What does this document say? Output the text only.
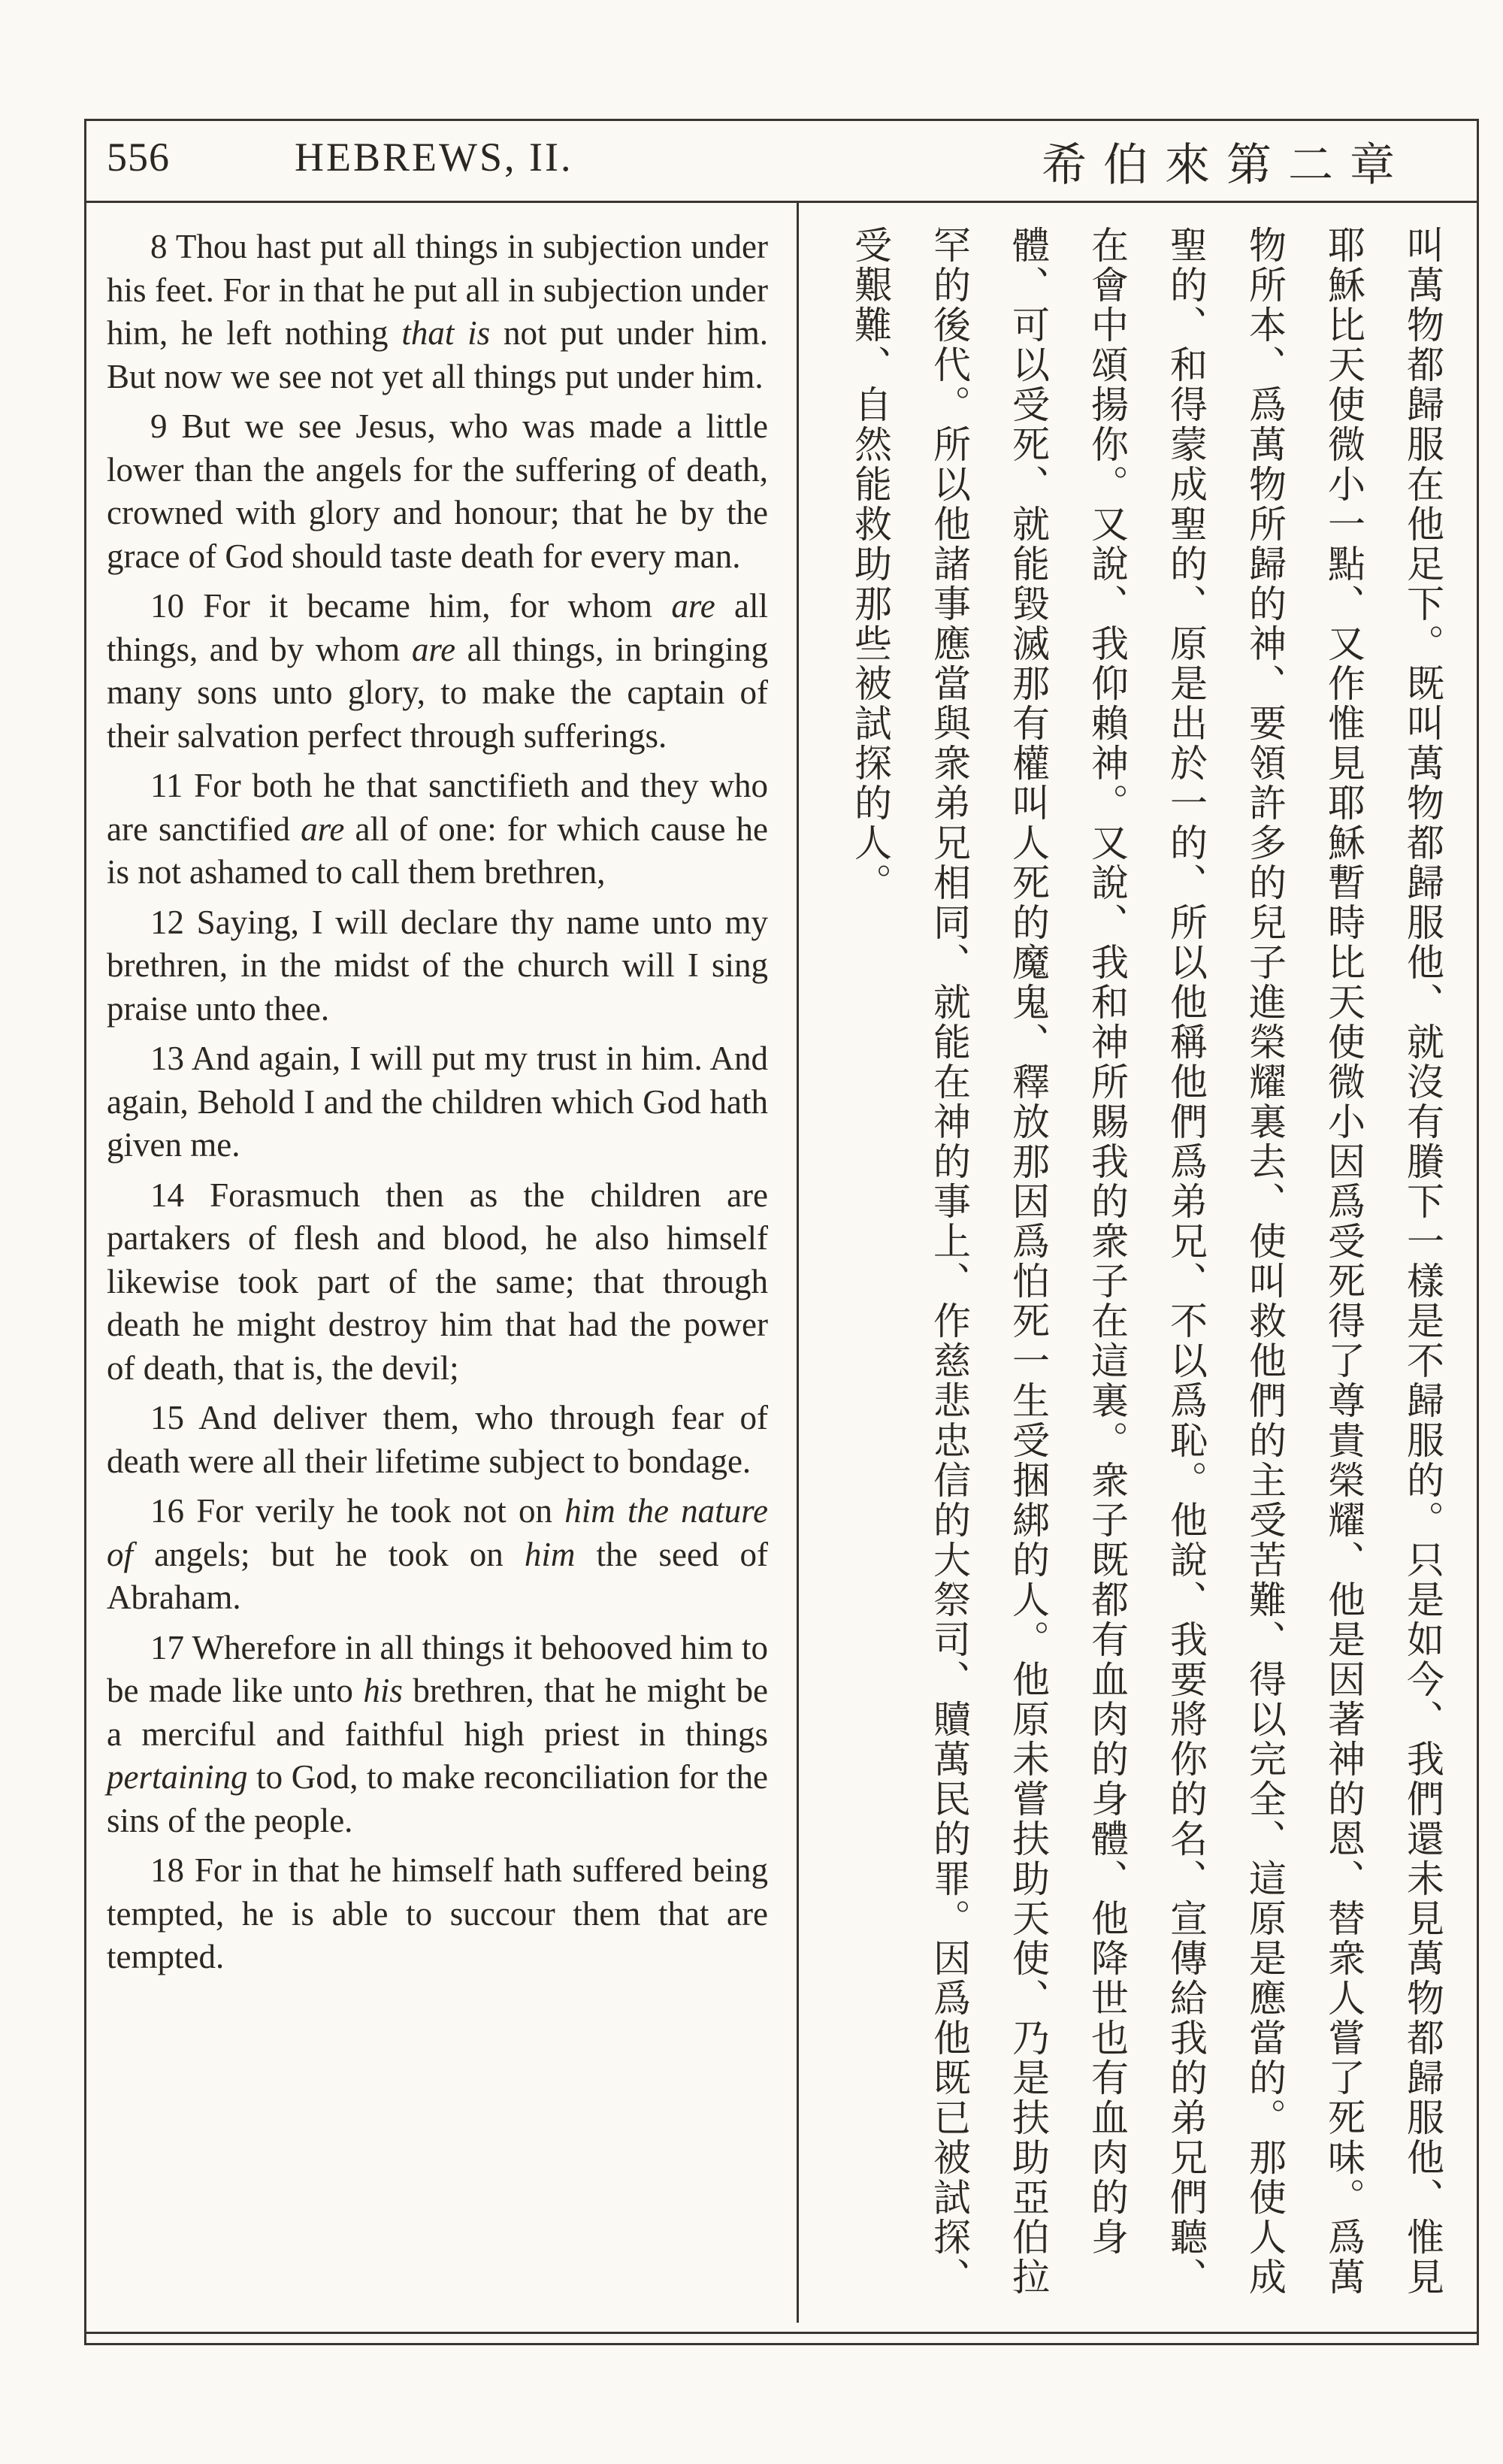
556	HEBREWS, II.	希伯來第二章

8 Thou hast put all things in subjection under his feet. For in that he put all in subjection under him, he left nothing that is not put under him. But now we see not yet all things put under him.

9 But we see Jesus, who was made a little lower than the angels for the suffering of death, crowned with glory and honour; that he by the grace of God should taste death for every man.

10 For it became him, for whom are all things, and by whom are all things, in bringing many sons unto glory, to make the captain of their salvation perfect through sufferings.

11 For both he that sanctifieth and they who are sanctified are all of one: for which cause he is not ashamed to call them brethren,

12 Saying, I will declare thy name unto my brethren, in the midst of the church will I sing praise unto thee.

13 And again, I will put my trust in him. And again, Behold I and the children which God hath given me.

14 Forasmuch then as the children are partakers of flesh and blood, he also himself likewise took part of the same; that through death he might destroy him that had the power of death, that is, the devil;

15 And deliver them, who through fear of death were all their lifetime subject to bondage.

16 For verily he took not on him the nature of angels; but he took on him the seed of Abraham.

17 Wherefore in all things it behooved him to be made like unto his brethren, that he might be a merciful and faithful high priest in things pertaining to God, to make reconciliation for the sins of the people.

18 For in that he himself hath suffered being tempted, he is able to succour them that are tempted.	叫萬物都歸服在他足下。既叫萬物都歸服他、就沒有賸下一樣是不歸服的。只是如今、我們還未見萬物都歸服他、惟見耶穌比天使微小一點、又作惟見耶穌暫時比天使微小因爲受死得了尊貴榮耀、他是因著神的恩、替衆人嘗了死味。爲萬物所本、爲萬物所歸的神、要領許多的兒子進榮耀裏去、使叫救他們的主受苦難、得以完全、這原是應當的。那使人成聖的、和得蒙成聖的、原是出於一的、所以他稱他們爲弟兄、不以爲恥。他說、我要將你的名、宣傳給我的弟兄們聽、在會中頌揚你。又說、我仰賴神。又說、我和神所賜我的衆子在這裏。衆子既都有血肉的身體、他降世也有血肉的身體、可以受死、就能毀滅那有權叫人死的魔鬼、釋放那因爲怕死一生受捆綁的人。他原未嘗扶助天使、乃是扶助亞伯拉罕的後代。所以他諸事應當與衆弟兄相同、就能在神的事上、作慈悲忠信的大祭司、贖萬民的罪。因爲他既已被試探、受艱難、自然能救助那些被試探的人。
